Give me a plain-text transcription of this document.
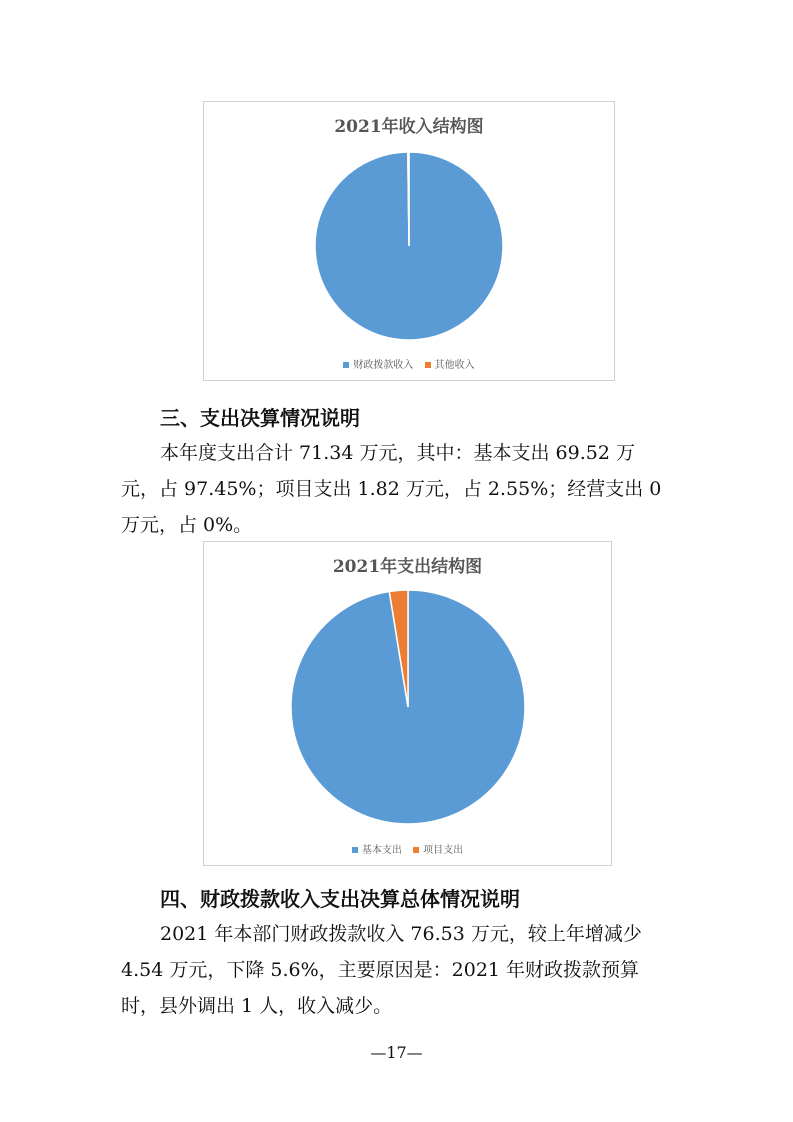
2021年收入结构图
财政拨款收入 其他收入
三、支出决算情况说明
本年度支出合计 71.34 万元，其中：基本支出 69.52 万
元，占 97.45%；项目支出 1.82 万元，占 2.55%；经营支出 0
万元，占 0%。
2021年支出结构图
基本支出 项目支出
四、财政拨款收入支出决算总体情况说明
2021 年本部门财政拨款收入 76.53 万元，较上年增减少
4.54 万元，下降 5.6%，主要原因是：2021 年财政拨款预算
时，县外调出 1 人，收入减少。
—17—
